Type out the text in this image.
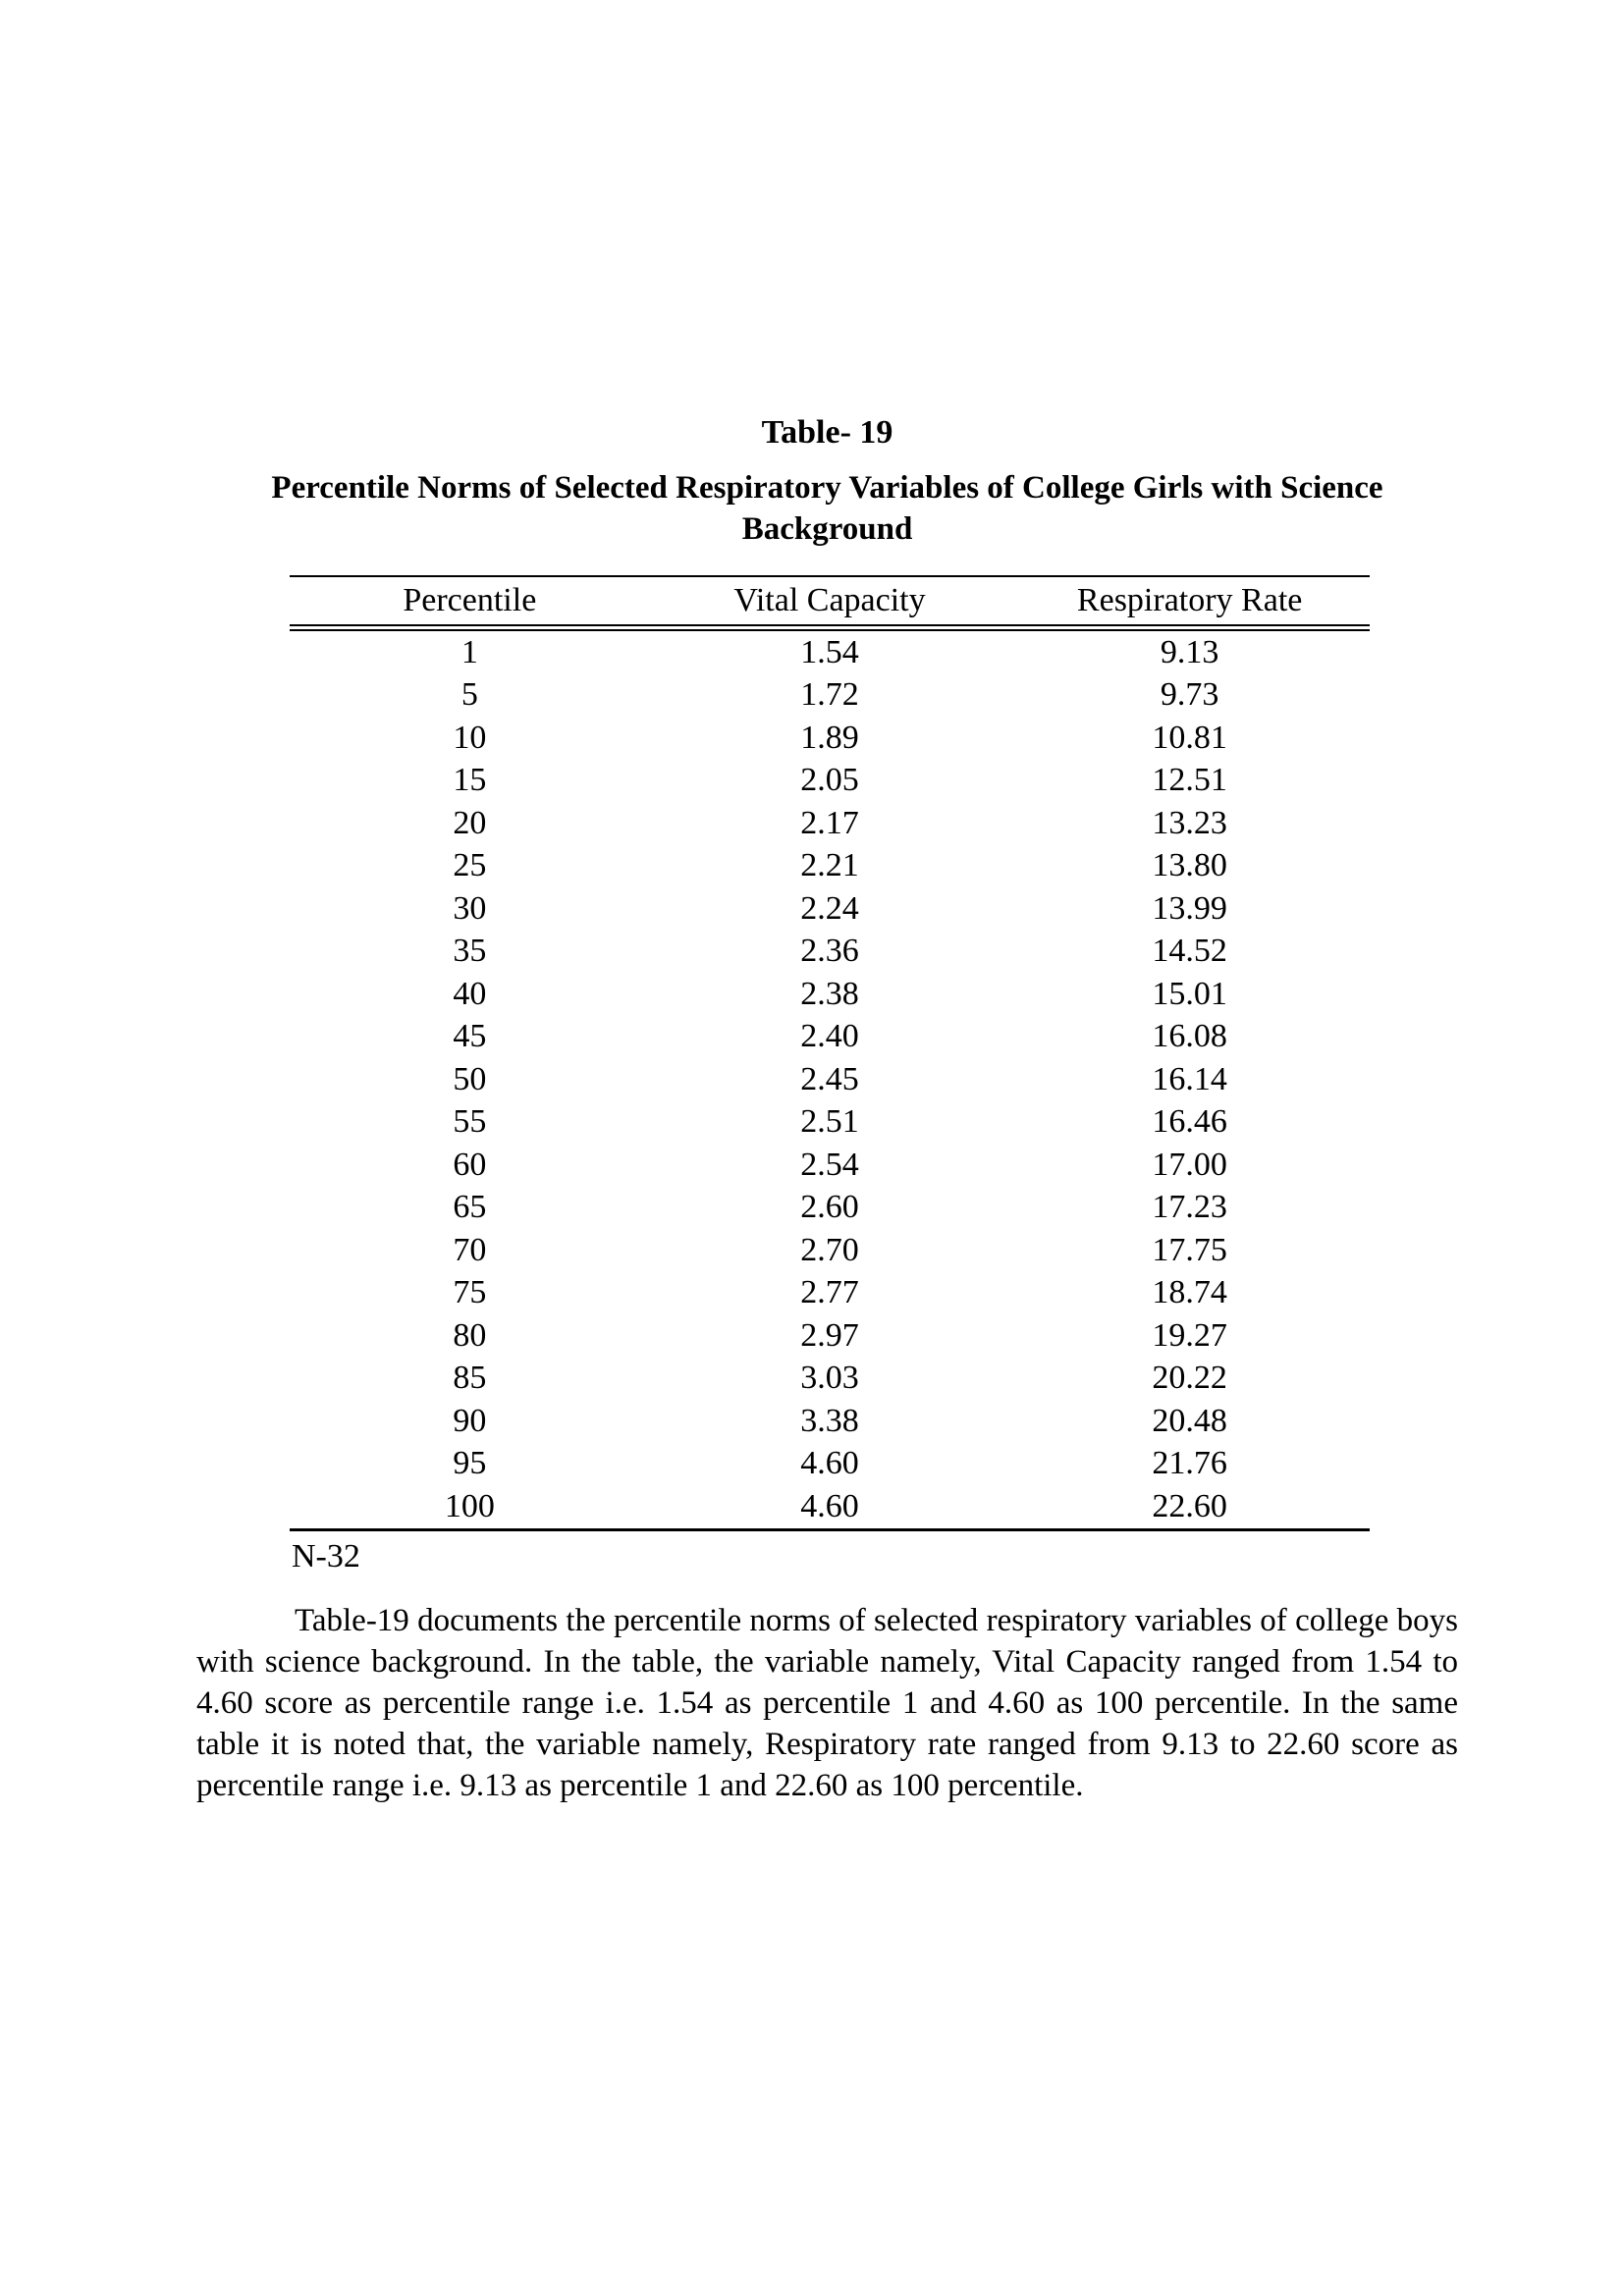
Table- 19
Percentile Norms of Selected Respiratory Variables of College Girls with Science
Background
Percentile	Vital Capacity	Respiratory Rate
1	1.54	9.13
5	1.72	9.73
10	1.89	10.81
15	2.05	12.51
20	2.17	13.23
25	2.21	13.80
30	2.24	13.99
35	2.36	14.52
40	2.38	15.01
45	2.40	16.08
50	2.45	16.14
55	2.51	16.46
60	2.54	17.00
65	2.60	17.23
70	2.70	17.75
75	2.77	18.74
80	2.97	19.27
85	3.03	20.22
90	3.38	20.48
95	4.60	21.76
100	4.60	22.60
N-32
Table-19 documents the percentile norms of selected respiratory variables of college boys with science background. In the table, the variable namely, Vital Capacity ranged from 1.54 to 4.60 score as percentile range i.e. 1.54 as percentile 1 and 4.60 as 100 percentile. In the same table it is noted that, the variable namely, Respiratory rate ranged from 9.13 to 22.60 score as percentile range i.e. 9.13 as percentile 1 and 22.60 as 100 percentile.
